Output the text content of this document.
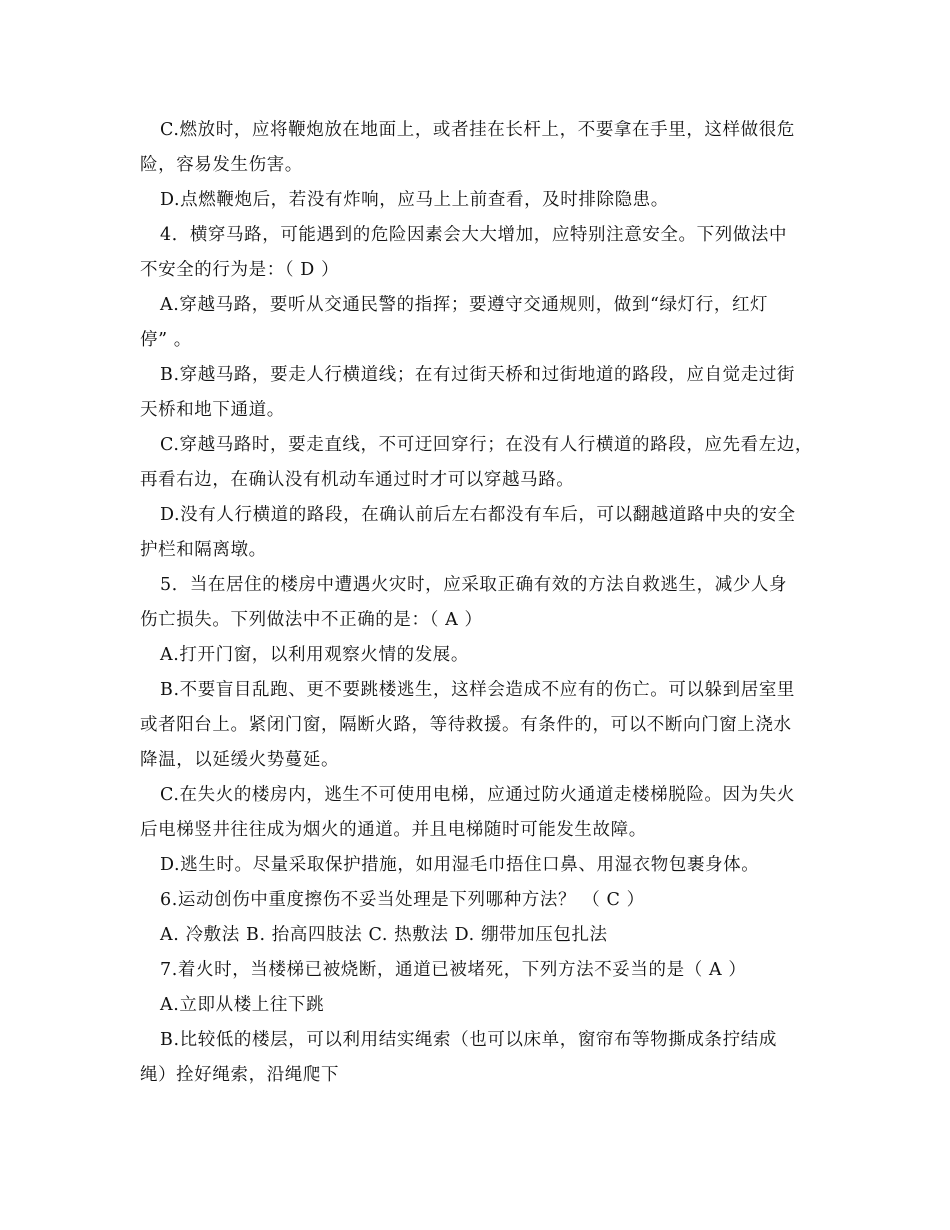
C.燃放时，应将鞭炮放在地面上，或者挂在长杆上，不要拿在手里，这样做很危
险，容易发生伤害。
D.点燃鞭炮后，若没有炸响，应马上上前查看，及时排除隐患。
4．横穿马路，可能遇到的危险因素会大大增加，应特别注意安全。下列做法中
不安全的行为是：（ D ）
A.穿越马路，要听从交通民警的指挥；要遵守交通规则，做到“绿灯行，红灯
停” 。
B.穿越马路，要走人行横道线；在有过街天桥和过街地道的路段，应自觉走过街
天桥和地下通道。
C.穿越马路时，要走直线，不可迂回穿行；在没有人行横道的路段，应先看左边，
再看右边，在确认没有机动车通过时才可以穿越马路。
D.没有人行横道的路段，在确认前后左右都没有车后，可以翻越道路中央的安全
护栏和隔离墩。
5．当在居住的楼房中遭遇火灾时，应采取正确有效的方法自救逃生，减少人身
伤亡损失。下列做法中不正确的是：（ A ）
A.打开门窗，以利用观察火情的发展。
B.不要盲目乱跑、更不要跳楼逃生，这样会造成不应有的伤亡。可以躲到居室里
或者阳台上。紧闭门窗，隔断火路，等待救援。有条件的，可以不断向门窗上浇水
降温，以延缓火势蔓延。
C.在失火的楼房内，逃生不可使用电梯，应通过防火通道走楼梯脱险。因为失火
后电梯竖井往往成为烟火的通道。并且电梯随时可能发生故障。
D.逃生时。尽量采取保护措施，如用湿毛巾捂住口鼻、用湿衣物包裹身体。
6.运动创伤中重度擦伤不妥当处理是下列哪种方法？ （ C ）
A. 冷敷法 B. 抬高四肢法 C. 热敷法 D. 绷带加压包扎法
7.着火时，当楼梯已被烧断，通道已被堵死，下列方法不妥当的是（ A ）
A.立即从楼上往下跳
B.比较低的楼层，可以利用结实绳索（也可以床单，窗帘布等物撕成条拧结成
绳）拴好绳索，沿绳爬下
